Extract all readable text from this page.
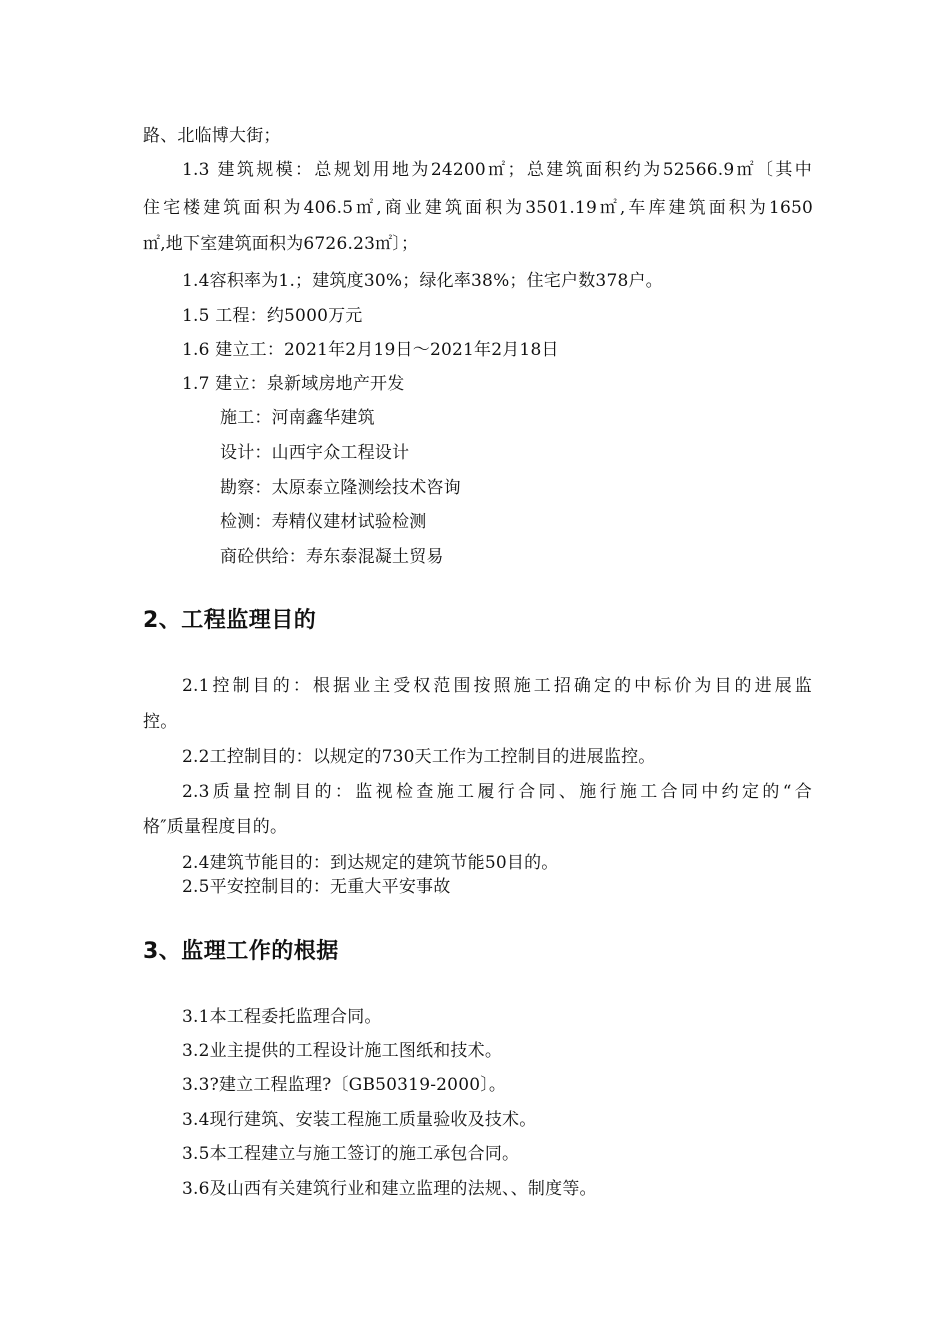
路、北临博大街；
1.3 建筑规模：总规划用地为24200㎡；总建筑面积约为52566.9㎡〔其中
住宅楼建筑面积为406.5㎡,商业建筑面积为3501.19㎡,车库建筑面积为1650
㎡,地下室建筑面积为6726.23㎡〕；
1.4容积率为1.；建筑度30%；绿化率38%；住宅户数378户。
1.5 工程：约5000万元
1.6 建立工：2021年2月19日～2021年2月18日
1.7 建立：泉新域房地产开发
施工：河南鑫华建筑
设计：山西宇众工程设计
勘察：太原泰立隆测绘技术咨询
检测：寿精仪建材试验检测
商砼供给：寿东泰混凝土贸易
2、工程监理目的
2.1控制目的：根据业主受权范围按照施工招确定的中标价为目的进展监
控。
2.2工控制目的：以规定的730天工作为工控制目的进展监控。
2.3质量控制目的：监视检查施工履行合同、施行施工合同中约定的“合
格″质量程度目的。
2.4建筑节能目的：到达规定的建筑节能50目的。
2.5平安控制目的：无重大平安事故
3、监理工作的根据
3.1本工程委托监理合同。
3.2业主提供的工程设计施工图纸和技术。
3.3?建立工程监理?〔GB50319-2000〕。
3.4现行建筑、安装工程施工质量验收及技术。
3.5本工程建立与施工签订的施工承包合同。
3.6及山西有关建筑行业和建立监理的法规、、制度等。
